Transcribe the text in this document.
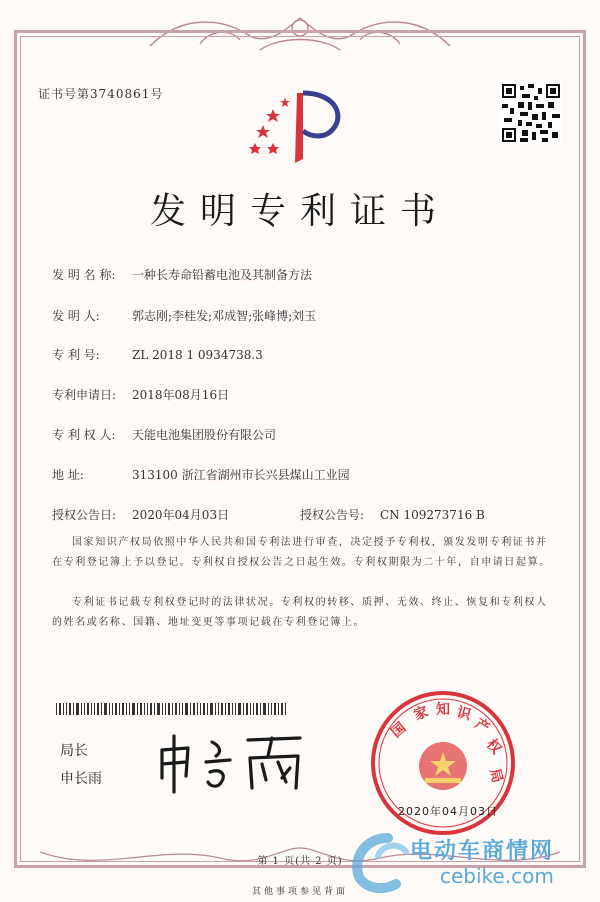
证书号第3740861号
发明专利证书
发 明 名 称: 一种长寿命铅蓄电池及其制备方法
发 明 人:	郭志刚;李桂发;邓成智;张峰博;刘玉
专 利 号:	ZL 2018 1 0934738.3
专利申请日: 2018年08月16日
专 利 权 人: 天能电池集团股份有限公司
地 址:	313100 浙江省湖州市长兴县煤山工业园
授权公告日: 2020年04月03日	授权公告号: CN 109273716 B
国家知识产权局依照中华人民共和国专利法进行审查，决定授予专利权，颁发发明专利证书并在专利登记簿上予以登记。专利权自授权公告之日起生效。专利权期限为二十年，自申请日起算。
专利证书记载专利权登记时的法律状况。专利权的转移、质押、无效、终止、恢复和专利权人的姓名或名称、国籍、地址变更等事项记载在专利登记簿上。
局长
申长雨
国
家 知 识
产
权
局
2020年04月03日
第 1 页(共 2 页)
其他事项参见背面
电动车商情网
cebike.com
